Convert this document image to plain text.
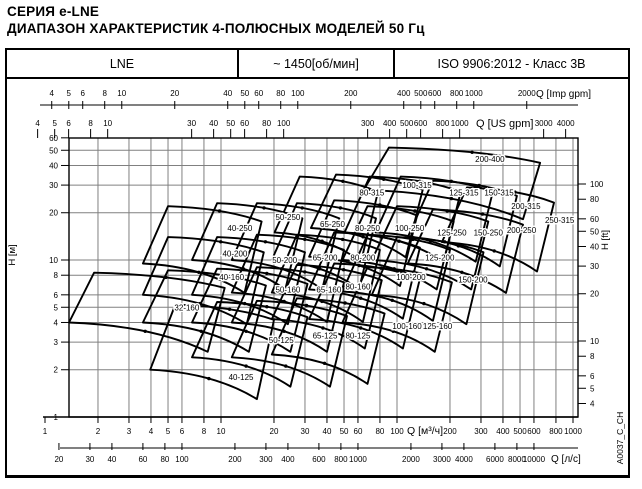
СЕРИЯ e-LNE
ДИАПАЗОН ХАРАКТЕРИСТИК 4-ПОЛЮСНЫХ МОДЕЛЕЙ 50 Гц
LNE	~ 1450[об/мин]	ISO 9906:2012 - Класс 3B
4 5 6 8 10	20	40 50 60 80 100	200	400 500 600 800 1000	2000 Q [Imp gpm]
4 5 6 8 10	30 40 50 60 80 100	300 400 500 600 800 1000	3000 4000
Q [US gpm]
1	2	3 4 5 6 8 10	20	30 40 50 60 80 100	200 300 400 500 600 800 1000
Q [м³/ч]
20	30 40	60 80 100	200 300 400 600 800 1000	2000 3000 4000 6000 8000
10000 Q [л/с]
1
2
3
4
5
6
8
10
20
30
40
50
60
H [м]
4
5
6
8
10
20
30
40
50
60
80
100
H [ft]
32-160
40-160
50-160 65-160 80-160
100-160 125-160
40-125
50-125 65-125 80-125
40-200
50-200 65-200 80-200
100-200
125-200
150-200
40-250
50-250
65-250 80-250 100-250 125-250 150-250 200-250
80-315
100-315
125-315 150-315
200-315
250-315
200-400
A0037_C_CH
